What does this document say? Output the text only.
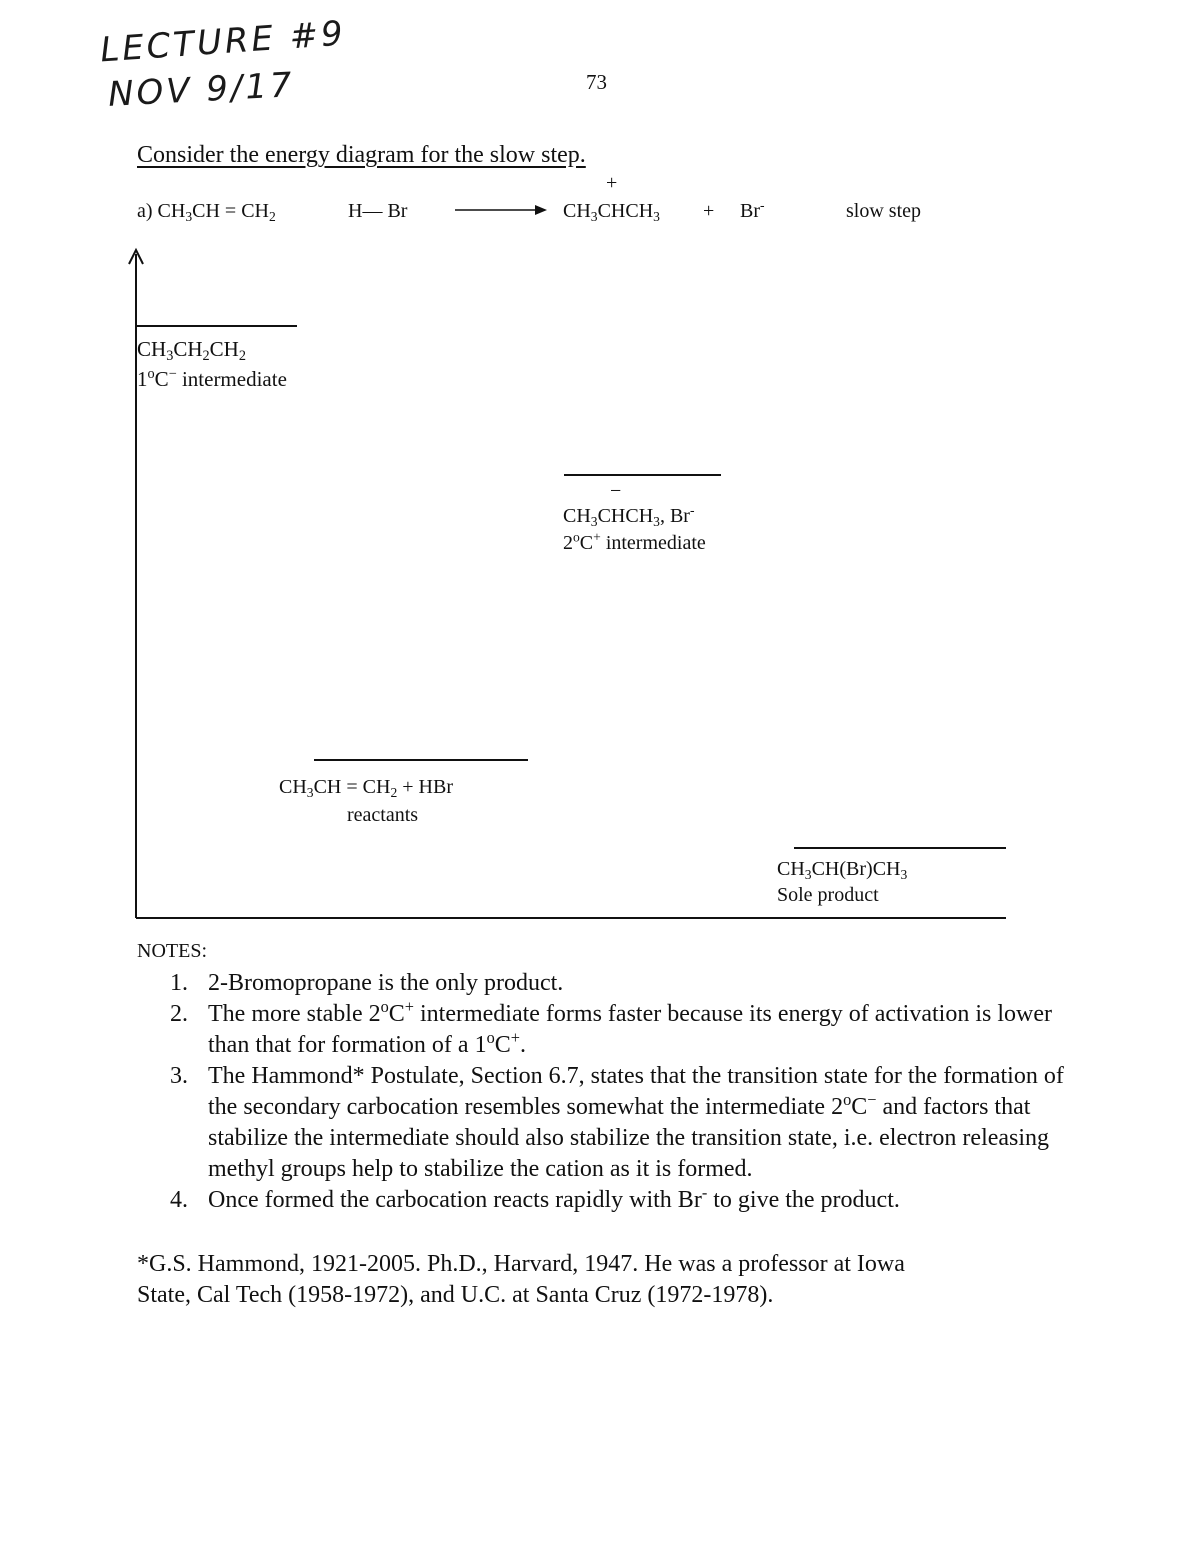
LECTURE #9
NOV 9/17	73
Consider the energy diagram for the slow step.
+
a) $CH_3CH = CH_2$	H— Br	$CH_3CHCH_3 + Br^-$	slow step
$CH_3CH_2CH_2$
1$^o$C− intermediate
−
$CH_3CHCH_3$, Br-
2$^o$C+ intermediate
$CH_3CH = CH_2$ + HBr
reactants
$CH_3CH(Br)CH_3$
Sole product
NOTES:
1. 2-Bromopropane is the only product.
2. The more stable 2$^o$C+ intermediate forms faster because its energy of activation is lower than that for formation of a 1$^o$C+.
3. The Hammond* Postulate, Section 6.7, states that the transition state for the formation of the secondary carbocation resembles somewhat the intermediate 2$^o$C− and factors that stabilize the intermediate should also stabilize the transition state, i.e. electron releasing methyl groups help to stabilize the cation as it is formed.
4. Once formed the carbocation reacts rapidly with Br- to give the product.
*G.S. Hammond, 1921-2005. Ph.D., Harvard, 1947. He was a professor at Iowa
State, Cal Tech (1958-1972), and U.C. at Santa Cruz (1972-1978).
